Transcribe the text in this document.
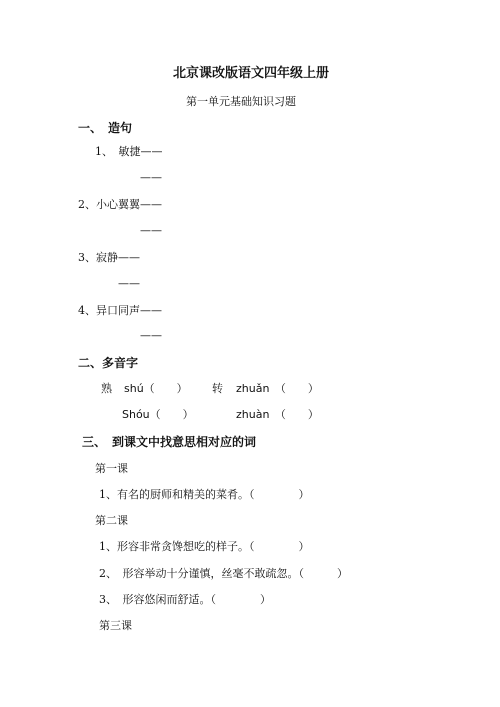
北京课改版语文四年级上册
第一单元基础知识习题
一、　造句
1、　敏捷——
——
2、小心翼翼——
——
3、寂静——
——
4、异口同声——
——
二、多音字
熟 shú（　　） 转 zhuǎn　（　　）
Shóu（　　）	zhuàn　（　　）
三、　到课文中找意思相对应的词
第一课
1、有名的厨师和精美的菜肴。（　　　　）
第二课
1、形容非常贪馋想吃的样子。（　　　　）
2、　形容举动十分谨慎，丝毫不敢疏忽。（　　　）
3、　形容悠闲而舒适。（　　　　）
第三课
